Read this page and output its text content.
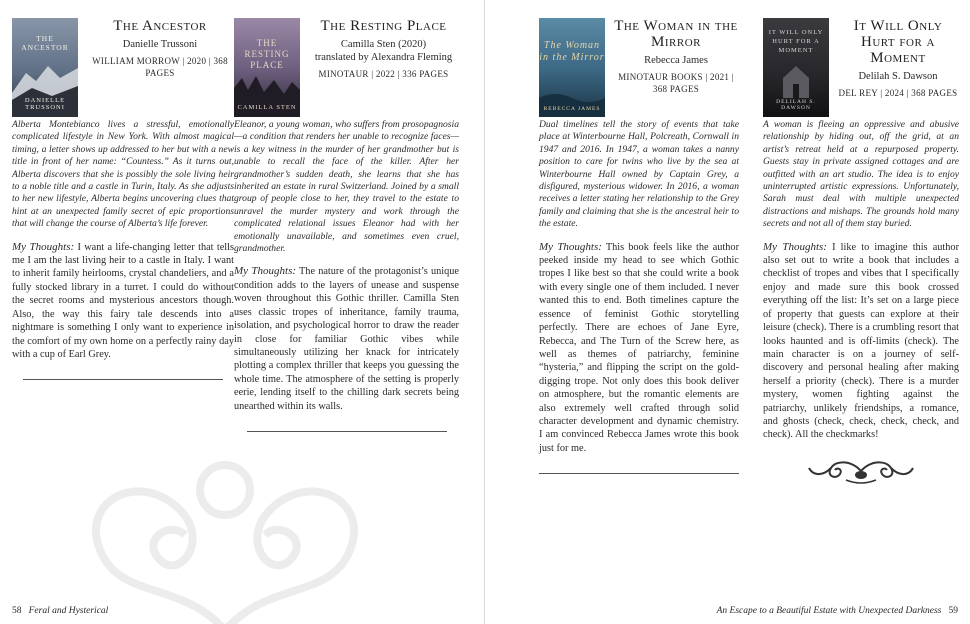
THE ANCESTOR
DANIELLE TRUSSONI
The Ancestor
Danielle Trussoni
WILLIAM MORROW | 2020 | 368 PAGES

Alberta Montebianco lives a stressful, emotionally complicated lifestyle in New York. With almost magical timing, a letter shows up addressed to her but with a new title in front of her name: “Countess.” As it turns out, Alberta discovers that she is possibly the sole living heir to a noble title and a castle in Turin, Italy. As she adjusts to her new lifestyle, Alberta begins uncovering clues that hint at an unexpected family secret of epic proportions that will change the course of Alberta’s life forever.

My Thoughts: I want a life-changing letter that tells me I am the last living heir to a castle in Italy. I want to inherit family heirlooms, crystal chandeliers, and a fully stocked library in a turret. I could do without the secret rooms and mysterious ancestors though. Also, the way this fairy tale descends into a nightmare is something I only want to experience in the comfort of my own home on a perfectly rainy day with a cup of Earl Grey.

THE RESTING PLACE
CAMILLA STEN
The Resting Place
Camilla Sten (2020)
translated by Alexandra Fleming
MINOTAUR | 2022 | 336 PAGES

Eleanor, a young woman, who suffers from prosopagnosia—a condition that renders her unable to recognize faces—is a key witness in the murder of her grandmother but is unable to recall the face of the killer. After her grandmother’s sudden death, she learns that she has inherited an estate in rural Switzerland. Joined by a small group of people close to her, they travel to the estate to unravel the murder mystery and work through the complicated relational issues Eleanor had with her emotionally unavailable, and sometimes even cruel, grandmother.

My Thoughts: The nature of the protagonist’s unique condition adds to the layers of unease and suspense woven throughout this Gothic thriller. Camilla Sten uses classic tropes of inheritance, family trauma, isolation, and psychological horror to draw the reader in close for familiar Gothic vibes while simultaneously utilizing her knack for intricately plotting a complex thriller that keeps you guessing the whole time. The atmosphere of the setting is properly eerie, lending itself to the chilling dark secrets being unearthed within its walls.

58 Feral and Hysterical
The Woman in the Mirror
REBECCA JAMES
The Woman in the Mirror
Rebecca James
MINOTAUR BOOKS | 2021 | 368 PAGES

Dual timelines tell the story of events that take place at Winterbourne Hall, Polcreath, Cornwall in 1947 and 2016. In 1947, a woman takes a nanny position to care for twins who live by the sea at Winterbourne Hall owned by Captain Grey, a disfigured, mysterious widower. In 2016, a woman receives a letter stating her relationship to the Grey family and claiming that she is the ancestral heir to the estate.

My Thoughts: This book feels like the author peeked inside my head to see which Gothic tropes I like best so that she could write a book with every single one of them included. I never wanted this to end. Both timelines capture the essence of feminist Gothic storytelling perfectly. There are echoes of Jane Eyre, Rebecca, and The Turn of the Screw here, as well as themes of patriarchy, feminine “hysteria,” and flipping the script on the gold-digging trope. Not only does this book deliver on atmosphere, but the romantic elements are also extremely well crafted through solid character development and dynamic chemistry. I am convinced Rebecca James wrote this book just for me.

IT WILL ONLY HURT FOR A MOMENT
DELILAH S. DAWSON
It Will Only Hurt for a Moment
Delilah S. Dawson
DEL REY | 2024 | 368 PAGES

A woman is fleeing an oppressive and abusive relationship by hiding out, off the grid, at an artist’s retreat held at a repurposed property. Guests stay in private assigned cottages and are outfitted with an art studio. The idea is to enjoy uninterrupted artistic expressions. Unfortunately, Sarah must deal with multiple unexpected distractions and mishaps. The grounds hold many secrets and not all of them stay buried.

My Thoughts: I like to imagine this author also set out to write a book that includes a checklist of tropes and vibes that I specifically enjoy and made sure this book crossed everything off the list: It’s set on a large piece of property that guests can explore at their leisure (check). There is a crumbling resort that looks haunted and is off-limits (check). The main character is on a journey of self-discovery and personal healing after making herself a priority (check). There is a murder mystery, women fighting against the patriarchy, unlikely friendships, a romance, and ghosts (check, check, check, check, and check). All the checkmarks!

An Escape to a Beautiful Estate with Unexpected Darkness 59
